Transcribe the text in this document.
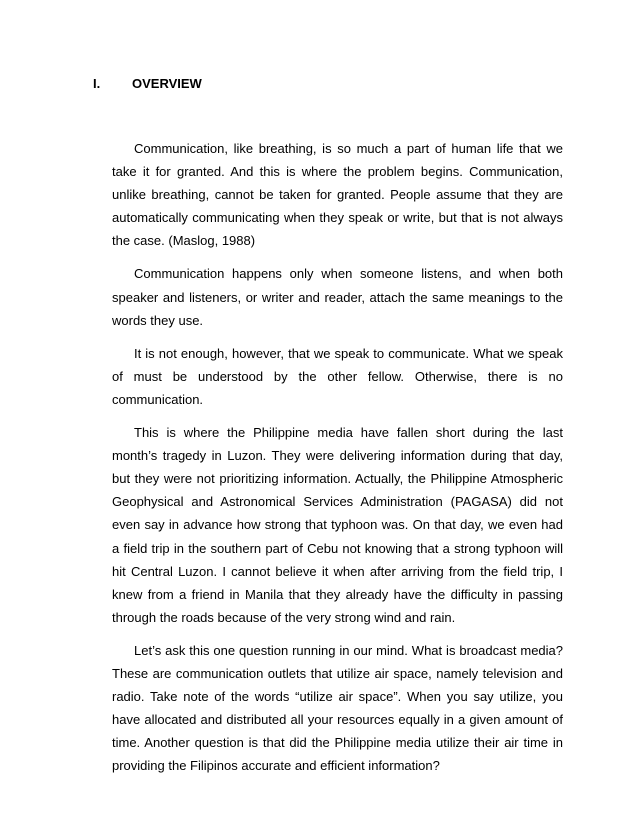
I.	OVERVIEW

Communication, like breathing, is so much a part of human life that we take it for granted. And this is where the problem begins. Communication, unlike breathing, cannot be taken for granted. People assume that they are automatically communicating when they speak or write, but that is not always the case. (Maslog, 1988)

Communication happens only when someone listens, and when both speaker and listeners, or writer and reader, attach the same meanings to the words they use.

It is not enough, however, that we speak to communicate. What we speak of must be understood by the other fellow. Otherwise, there is no communication.

This is where the Philippine media have fallen short during the last month’s tragedy in Luzon. They were delivering information during that day, but they were not prioritizing information. Actually, the Philippine Atmospheric Geophysical and Astronomical Services Administration (PAGASA) did not even say in advance how strong that typhoon was. On that day, we even had a field trip in the southern part of Cebu not knowing that a strong typhoon will hit Central Luzon. I cannot believe it when after arriving from the field trip, I knew from a friend in Manila that they already have the difficulty in passing through the roads because of the very strong wind and rain.

Let’s ask this one question running in our mind. What is broadcast media? These are communication outlets that utilize air space, namely television and radio. Take note of the words “utilize air space”. When you say utilize, you have allocated and distributed all your resources equally in a given amount of time. Another question is that did the Philippine media utilize their air time in providing the Filipinos accurate and efficient information?
